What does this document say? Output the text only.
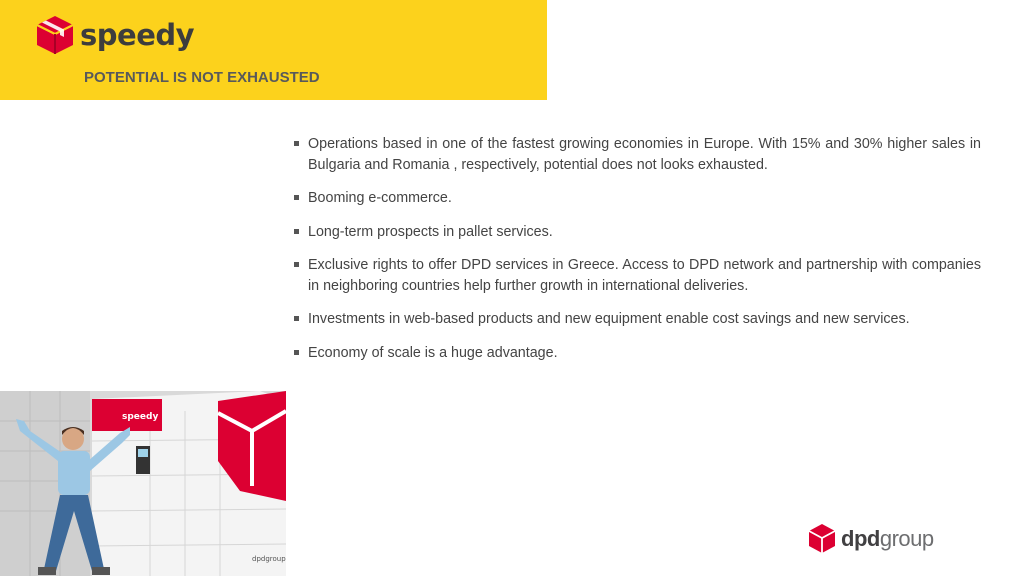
speedy
POTENTIAL IS NOT EXHAUSTED
Operations based in one of the fastest growing economies in Europe. With 15% and 30% higher sales in Bulgaria and Romania , respectively, potential does not looks exhausted.
Booming e-commerce.
Long-term prospects in pallet services.
Exclusive rights to offer DPD services in Greece. Access to DPD network and partnership with companies in neighboring countries help further growth in international deliveries.
Investments in web-based products and new equipment enable cost savings and new services.
Economy of scale is a huge advantage.
speedy
dpdgroup
dpdgroup
